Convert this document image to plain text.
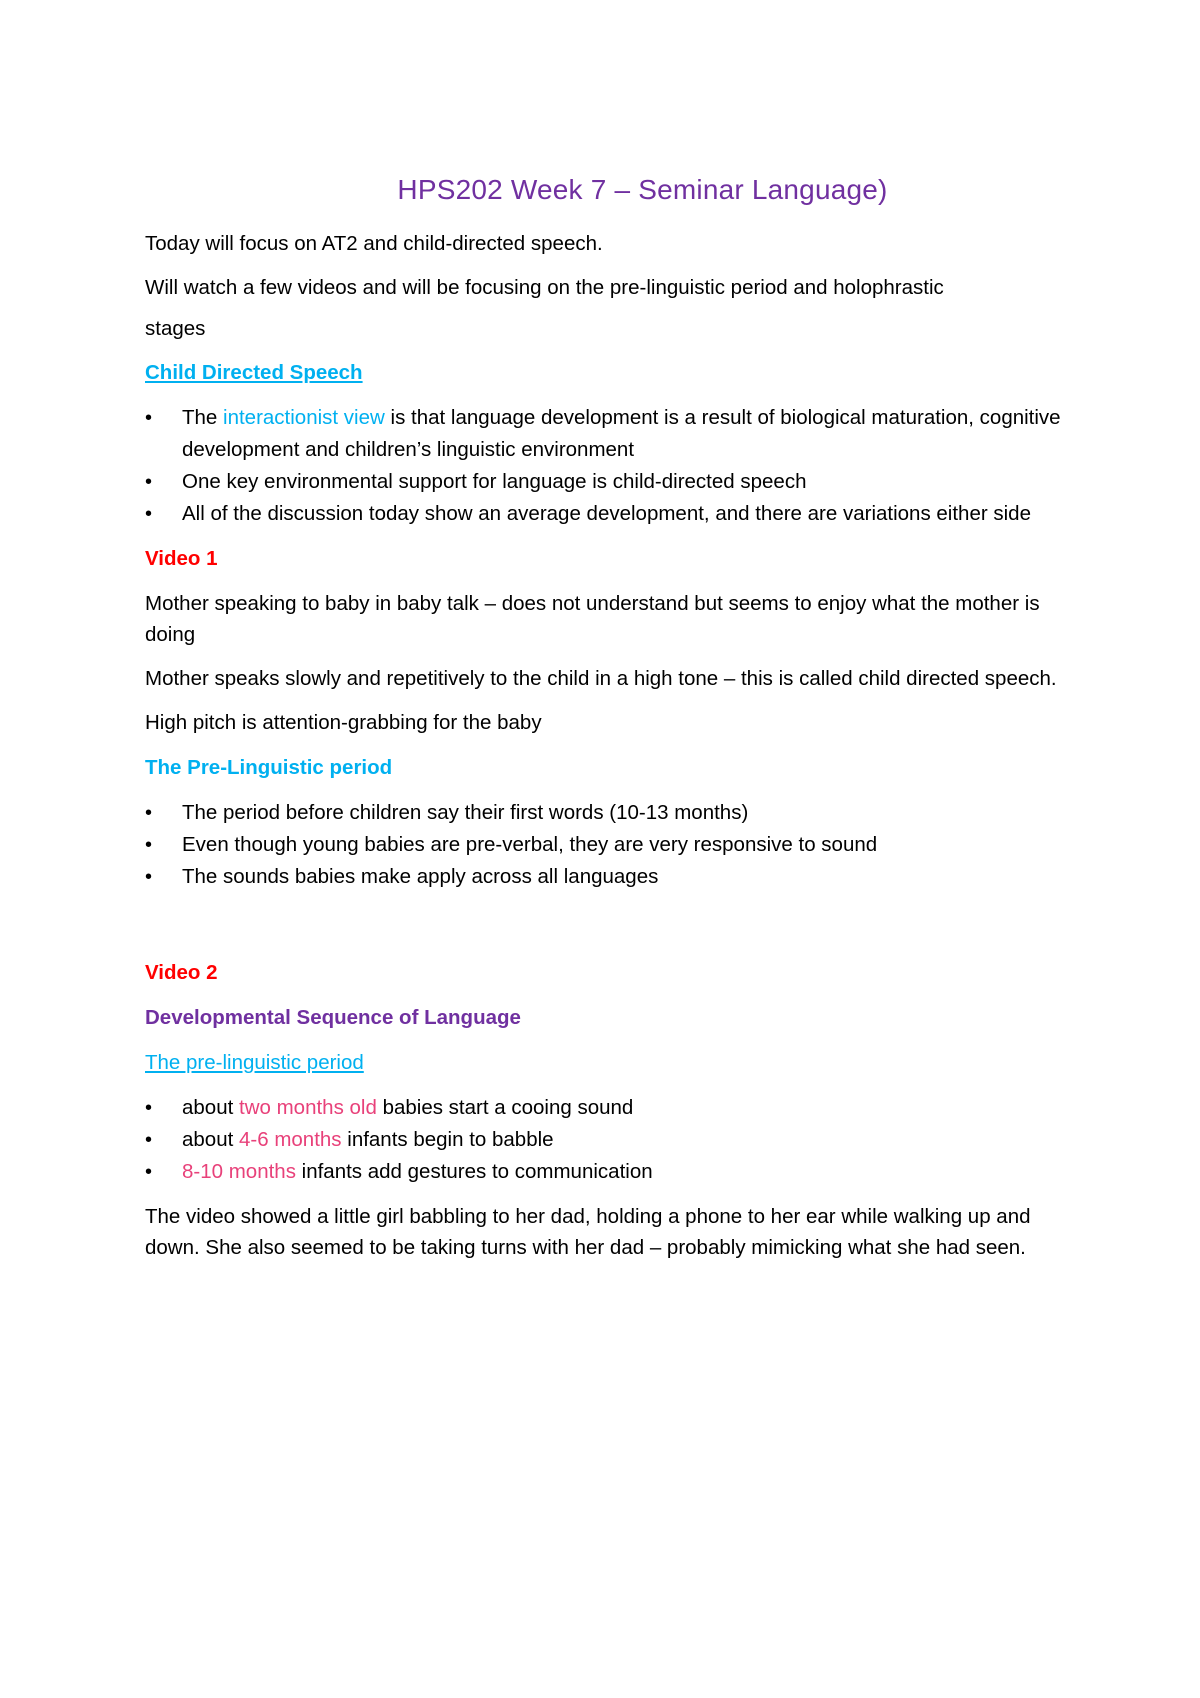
HPS202 Week 7 – Seminar Language)

Today will focus on AT2 and child-directed speech.

Will watch a few videos and will be focusing on the pre-linguistic period and holophrastic

stages

Child Directed Speech
• The interactionist view is that language development is a result of biological maturation, cognitive development and children’s linguistic environment
• One key environmental support for language is child-directed speech
• All of the discussion today show an average development, and there are variations either side
Video 1

Mother speaking to baby in baby talk – does not understand but seems to enjoy what the mother is doing

Mother speaks slowly and repetitively to the child in a high tone – this is called child directed speech.

High pitch is attention-grabbing for the baby

The Pre-Linguistic period
• The period before children say their first words (10-13 months)
• Even though young babies are pre-verbal, they are very responsive to sound
• The sounds babies make apply across all languages
Video 2
Developmental Sequence of Language
The pre-linguistic period
• about two months old babies start a cooing sound
• about 4-6 months infants begin to babble
• 8-10 months infants add gestures to communication

The video showed a little girl babbling to her dad, holding a phone to her ear while walking up and down. She also seemed to be taking turns with her dad – probably mimicking what she had seen.
